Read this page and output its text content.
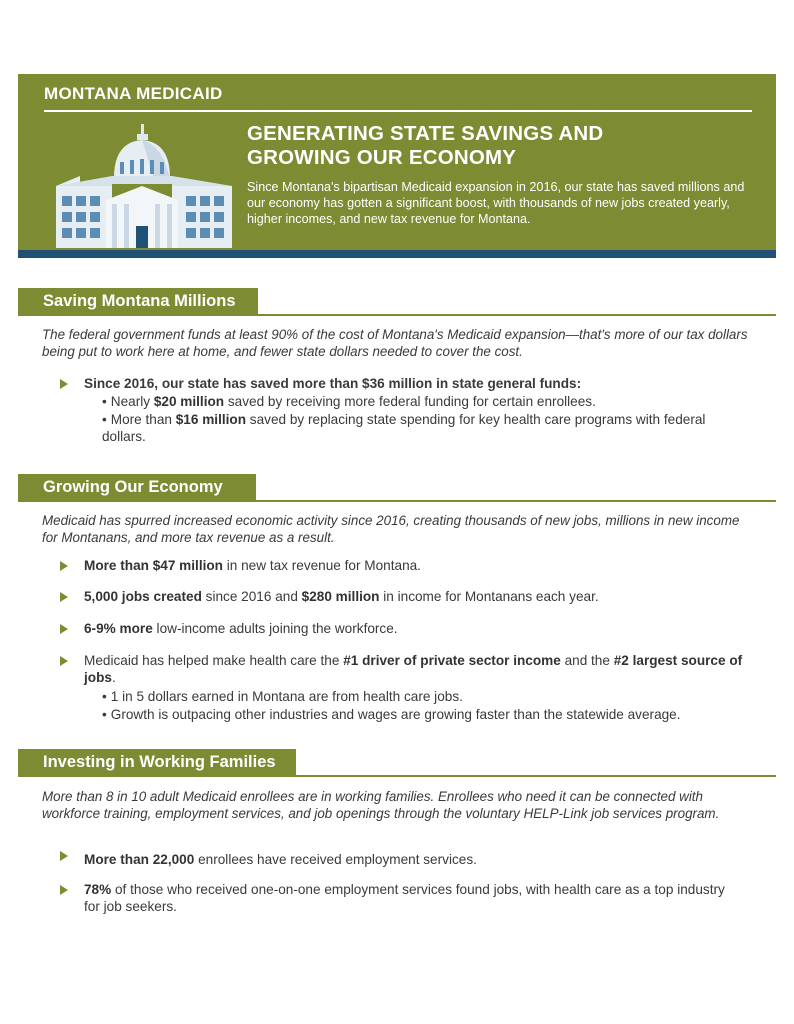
MONTANA MEDICAID
GENERATING STATE SAVINGS AND
GROWING OUR ECONOMY
Since Montana's bipartisan Medicaid expansion in 2016, our state has saved millions and our economy has gotten a significant boost, with thousands of new jobs created yearly, higher incomes, and new tax revenue for Montana.
Saving Montana Millions
The federal government funds at least 90% of the cost of Montana's Medicaid expansion—that's more of our tax dollars being put to work here at home, and fewer state dollars needed to cover the cost.
Since 2016, our state has saved more than $36 million in state general funds:
• Nearly $20 million saved by receiving more federal funding for certain enrollees.
• More than $16 million saved by replacing state spending for key health care programs with federal dollars.
Growing Our Economy
Medicaid has spurred increased economic activity since 2016, creating thousands of new jobs, millions in new income for Montanans, and more tax revenue as a result.
More than $47 million in new tax revenue for Montana.
5,000 jobs created since 2016 and $280 million in income for Montanans each year.
6-9% more low-income adults joining the workforce.
Medicaid has helped make health care the #1 driver of private sector income and the #2 largest source of jobs.
• 1 in 5 dollars earned in Montana are from health care jobs.
• Growth is outpacing other industries and wages are growing faster than the statewide average.
Investing in Working Families
More than 8 in 10 adult Medicaid enrollees are in working families. Enrollees who need it can be connected with workforce training, employment services, and job openings through the voluntary HELP-Link job services program.
More than 22,000 enrollees have received employment services.
78% of those who received one-on-one employment services found jobs, with health care as a top industry for job seekers.
